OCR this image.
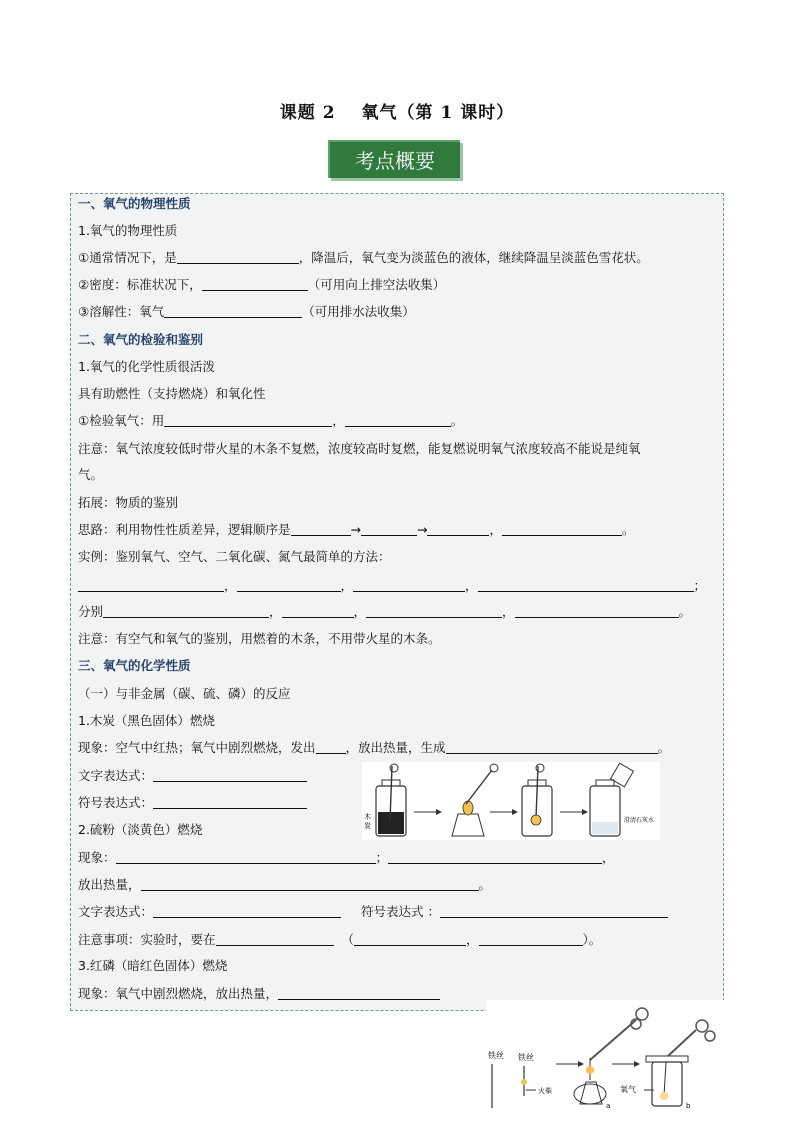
课题 2 氧气（第 1 课时）
考点概要
一、氧气的物理性质
1.氧气的物理性质
①通常情况下，是	，降温后，氧气变为淡蓝色的液体，继续降温呈淡蓝色雪花状。
②密度：标准状况下，	（可用向上排空法收集）
③溶解性：氧气	（可用排水法收集）
二、氧气的检验和鉴别
1.氧气的化学性质很活泼
具有助燃性（支持燃烧）和氧化性
①检验氧气：用	，	。
注意：氧气浓度较低时带火星的木条不复燃，浓度较高时复燃，能复燃说明氧气浓度较高不能说是纯氧
气。
拓展：物质的鉴别
思路：利用物性性质差异，逻辑顺序是	→	→	，	。
实例：鉴别氧气、空气、二氧化碳、氮气最简单的方法：
，	，	，	；
分别	，	，	，	。
注意：有空气和氧气的鉴别，用燃着的木条，不用带火星的木条。
三、氧气的化学性质
（一）与非金属（碳、硫、磷）的反应
1.木炭（黑色固体）燃烧
现象：空气中红热；氧气中剧烈燃烧，发出 ，放出热量，生成	。
文字表达式：
符号表达式：
2.硫粉（淡黄色）燃烧
现象：	；	，
放出热量，	。
文字表达式：	符号表达式 ：
注意事项：实验时，要在	（	，	）。
3.红磷（暗红色固体）燃烧
现象：氧气中剧烈燃烧，放出热量，
木
炭
澄清石灰水
铁丝 铁丝
火柴
a
氧气
b
